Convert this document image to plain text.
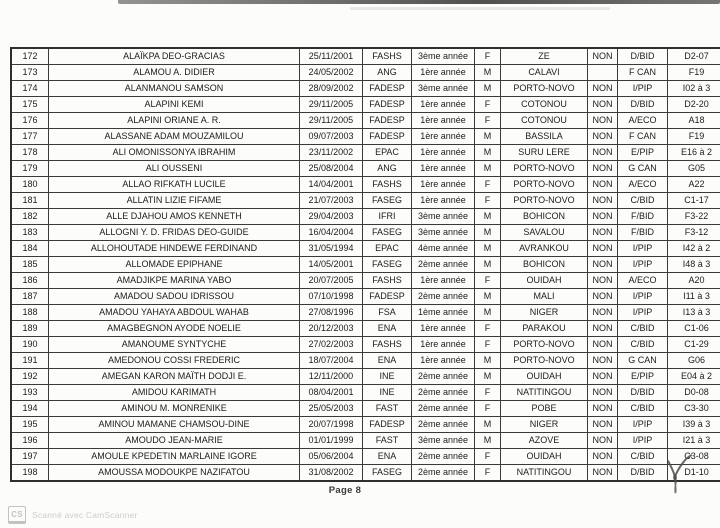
172	ALAÏKPA DEO-GRACIAS	25/11/2001	FASHS	3ème année	F	ZE	NON	D/BID	D2-07
173	ALAMOU A. DIDIER	24/05/2002	ANG	1ère année	M	CALAVI		F CAN	F19
174	ALANMANOU SAMSON	28/09/2002	FADESP	3ème année	M	PORTO-NOVO	NON	I/PIP	I02 à 3
175	ALAPINI KEMI	29/11/2005	FADESP	1ère année	F	COTONOU	NON	D/BID	D2-20
176	ALAPINI ORIANE A. R.	29/11/2005	FADESP	1ère année	F	COTONOU	NON	A/ECO	A18
177	ALASSANE ADAM MOUZAMILOU	09/07/2003	FADESP	1ère année	M	BASSILA	NON	F CAN	F19
178	ALI OMONISSONYA IBRAHIM	23/11/2002	EPAC	1ère année	M	SURU LERE	NON	E/PIP	E16 à 2
179	ALI OUSSENI	25/08/2004	ANG	1ère année	M	PORTO-NOVO	NON	G CAN	G05
180	ALLAO RIFKATH LUCILE	14/04/2001	FASHS	1ère année	F	PORTO-NOVO	NON	A/ECO	A22
181	ALLATIN LIZIE FIFAME	21/07/2003	FASEG	1ère année	F	PORTO-NOVO	NON	C/BID	C1-17
182	ALLE DJAHOU AMOS KENNETH	29/04/2003	IFRI	3ème année	M	BOHICON	NON	F/BID	F3-22
183	ALLOGNI Y. D. FRIDAS DEO-GUIDE	16/04/2004	FASEG	3ème année	M	SAVALOU	NON	F/BID	F3-12
184	ALLOHOUTADE HINDEWE FERDINAND	31/05/1994	EPAC	4ème année	M	AVRANKOU	NON	I/PIP	I42 à 2
185	ALLOMADE EPIPHANE	14/05/2001	FASEG	2ème année	M	BOHICON	NON	I/PIP	I48 à 3
186	AMADJIKPE MARINA YABO	20/07/2005	FASHS	1ère année	F	OUIDAH	NON	A/ECO	A20
187	AMADOU SADOU IDRISSOU	07/10/1998	FADESP	2ème année	M	MALI	NON	I/PIP	I11 à 3
188	AMADOU YAHAYA ABDOUL WAHAB	27/08/1996	FSA	1ème année	M	NIGER	NON	I/PIP	I13 à 3
189	AMAGBEGNON AYODE NOELIE	20/12/2003	ENA	1ère année	F	PARAKOU	NON	C/BID	C1-06
190	AMANOUME SYNTYCHE	27/02/2003	FASHS	1ère année	F	PORTO-NOVO	NON	C/BID	C1-29
191	AMEDONOU COSSI FREDERIC	18/07/2004	ENA	1ère année	M	PORTO-NOVO	NON	G CAN	G06
192	AMEGAN KARON MAÏTH DODJI E.	12/11/2000	INE	2ème année	M	OUIDAH	NON	E/PIP	E04 à 2
193	AMIDOU KARIMATH	08/04/2001	INE	2ème année	F	NATITINGOU	NON	D/BID	D0-08
194	AMINOU M. MONRENIKE	25/05/2003	FAST	2ème année	F	POBE	NON	C/BID	C3-30
195	AMINOU MAMANE CHAMSOU-DINE	20/07/1998	FADESP	2ème année	M	NIGER	NON	I/PIP	I39 à 3
196	AMOUDO JEAN-MARIE	01/01/1999	FAST	3ème année	M	AZOVE	NON	I/PIP	I21 à 3
197	AMOULE KPEDETIN MARLAINE IGORE	05/06/2004	ENA	2ème année	F	OUIDAH	NON	C/BID	C3-08
198	AMOUSSA MODOUKPE NAZIFATOU	31/08/2002	FASEG	2ème année	F	NATITINGOU	NON	D/BID	D1-10
Page 8
CS	Scanné avec CamScanner
